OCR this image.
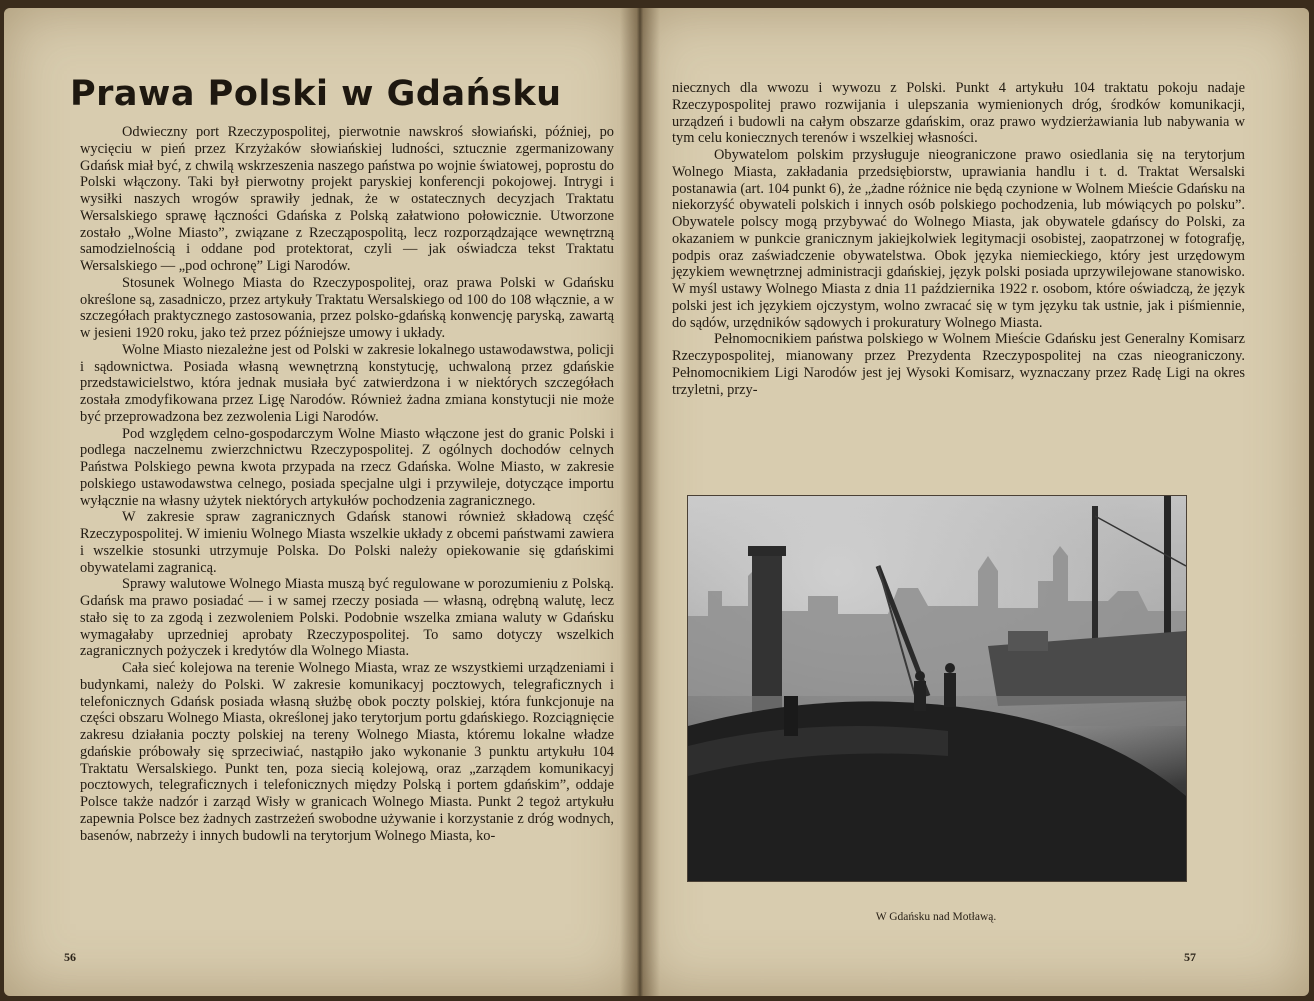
Prawa Polski w Gdańsku

Odwieczny port Rzeczypospolitej, pierwotnie nawskroś słowiański, później, po wycięciu w pień przez Krzyżaków słowiańskiej ludności, sztucznie zgermanizowany Gdańsk miał być, z chwilą wskrzeszenia naszego państwa po wojnie światowej, poprostu do Polski włączony. Taki był pierwotny projekt paryskiej konferencji pokojowej. Intrygi i wysiłki naszych wrogów sprawiły jednak, że w ostatecznych decyzjach Traktatu Wersalskiego sprawę łączności Gdańska z Polską załatwiono połowicznie. Utworzone zostało „Wolne Miasto”, związane z Rzecząpospolitą, lecz rozporządzające wewnętrzną samodzielnością i oddane pod protektorat, czyli — jak oświadcza tekst Traktatu Wersalskiego — „pod ochronę” Ligi Narodów.

Stosunek Wolnego Miasta do Rzeczypospolitej, oraz prawa Polski w Gdańsku określone są, zasadniczo, przez artykuły Traktatu Wersalskiego od 100 do 108 włącznie, a w szczegółach praktycznego zastosowania, przez polsko-gdańską konwencję paryską, zawartą w jesieni 1920 roku, jako też przez późniejsze umowy i układy.

Wolne Miasto niezależne jest od Polski w zakresie lokalnego ustawodawstwa, policji i sądownictwa. Posiada własną wewnętrzną konstytucję, uchwaloną przez gdańskie przedstawicielstwo, która jednak musiała być zatwierdzona i w niektórych szczegółach została zmodyfikowana przez Ligę Narodów. Również żadna zmiana konstytucji nie może być przeprowadzona bez zezwolenia Ligi Narodów.

Pod względem celno-gospodarczym Wolne Miasto włączone jest do granic Polski i podlega naczelnemu zwierzchnictwu Rzeczypospolitej. Z ogólnych dochodów celnych Państwa Polskiego pewna kwota przypada na rzecz Gdańska. Wolne Miasto, w zakresie polskiego ustawodawstwa celnego, posiada specjalne ulgi i przywileje, dotyczące importu wyłącznie na własny użytek niektórych artykułów pochodzenia zagranicznego.

W zakresie spraw zagranicznych Gdańsk stanowi również składową część Rzeczypospolitej. W imieniu Wolnego Miasta wszelkie układy z obcemi państwami zawiera i wszelkie stosunki utrzymuje Polska. Do Polski należy opiekowanie się gdańskimi obywatelami zagranicą.

Sprawy walutowe Wolnego Miasta muszą być regulowane w porozumieniu z Polską. Gdańsk ma prawo posiadać — i w samej rzeczy posiada — własną, odrębną walutę, lecz stało się to za zgodą i zezwoleniem Polski. Podobnie wszelka zmiana waluty w Gdańsku wymagałaby uprzedniej aprobaty Rzeczypospolitej. To samo dotyczy wszelkich zagranicznych pożyczek i kredytów dla Wolnego Miasta.

Cała sieć kolejowa na terenie Wolnego Miasta, wraz ze wszystkiemi urządzeniami i budynkami, należy do Polski. W zakresie komunikacyj pocztowych, telegraficznych i telefonicznych Gdańsk posiada własną służbę obok poczty polskiej, która funkcjonuje na części obszaru Wolnego Miasta, określonej jako terytorjum portu gdańskiego. Rozciągnięcie zakresu działania poczty polskiej na tereny Wolnego Miasta, któremu lokalne władze gdańskie próbowały się sprzeciwiać, nastąpiło jako wykonanie 3 punktu artykułu 104 Traktatu Wersalskiego. Punkt ten, poza siecią kolejową, oraz „zarządem komunikacyj pocztowych, telegraficznych i telefonicznych między Polską i portem gdańskim”, oddaje Polsce także nadzór i zarząd Wisły w granicach Wolnego Miasta. Punkt 2 tegoż artykułu zapewnia Polsce bez żadnych zastrzeżeń swobodne używanie i korzystanie z dróg wodnych, basenów, nabrzeży i innych budowli na terytorjum Wolnego Miasta, ko-

56

niecznych dla wwozu i wywozu z Polski. Punkt 4 artykułu 104 traktatu pokoju nadaje Rzeczypospolitej prawo rozwijania i ulepszania wymienionych dróg, środków komunikacji, urządzeń i budowli na całym obszarze gdańskim, oraz prawo wydzierżawiania lub nabywania w tym celu koniecznych terenów i wszelkiej własności.

Obywatelom polskim przysługuje nieograniczone prawo osiedlania się na terytorjum Wolnego Miasta, zakładania przedsiębiorstw, uprawiania handlu i t. d. Traktat Wersalski postanawia (art. 104 punkt 6), że „żadne różnice nie będą czynione w Wolnem Mieście Gdańsku na niekorzyść obywateli polskich i innych osób polskiego pochodzenia, lub mówiących po polsku”. Obywatele polscy mogą przybywać do Wolnego Miasta, jak obywatele gdańscy do Polski, za okazaniem w punkcie granicznym jakiejkolwiek legitymacji osobistej, zaopatrzonej w fotografję, podpis oraz zaświadczenie obywatelstwa. Obok języka niemieckiego, który jest urzędowym językiem wewnętrznej administracji gdańskiej, język polski posiada uprzywilejowane stanowisko. W myśl ustawy Wolnego Miasta z dnia 11 października 1922 r. osobom, które oświadczą, że język polski jest ich językiem ojczystym, wolno zwracać się w tym języku tak ustnie, jak i piśmiennie, do sądów, urzędników sądowych i prokuratury Wolnego Miasta.

Pełnomocnikiem państwa polskiego w Wolnem Mieście Gdańsku jest Generalny Komisarz Rzeczypospolitej, mianowany przez Prezydenta Rzeczypospolitej na czas nieograniczony. Pełnomocnikiem Ligi Narodów jest jej Wysoki Komisarz, wyznaczany przez Radę Ligi na okres trzyletni, przy-

W Gdańsku nad Motławą.
57
